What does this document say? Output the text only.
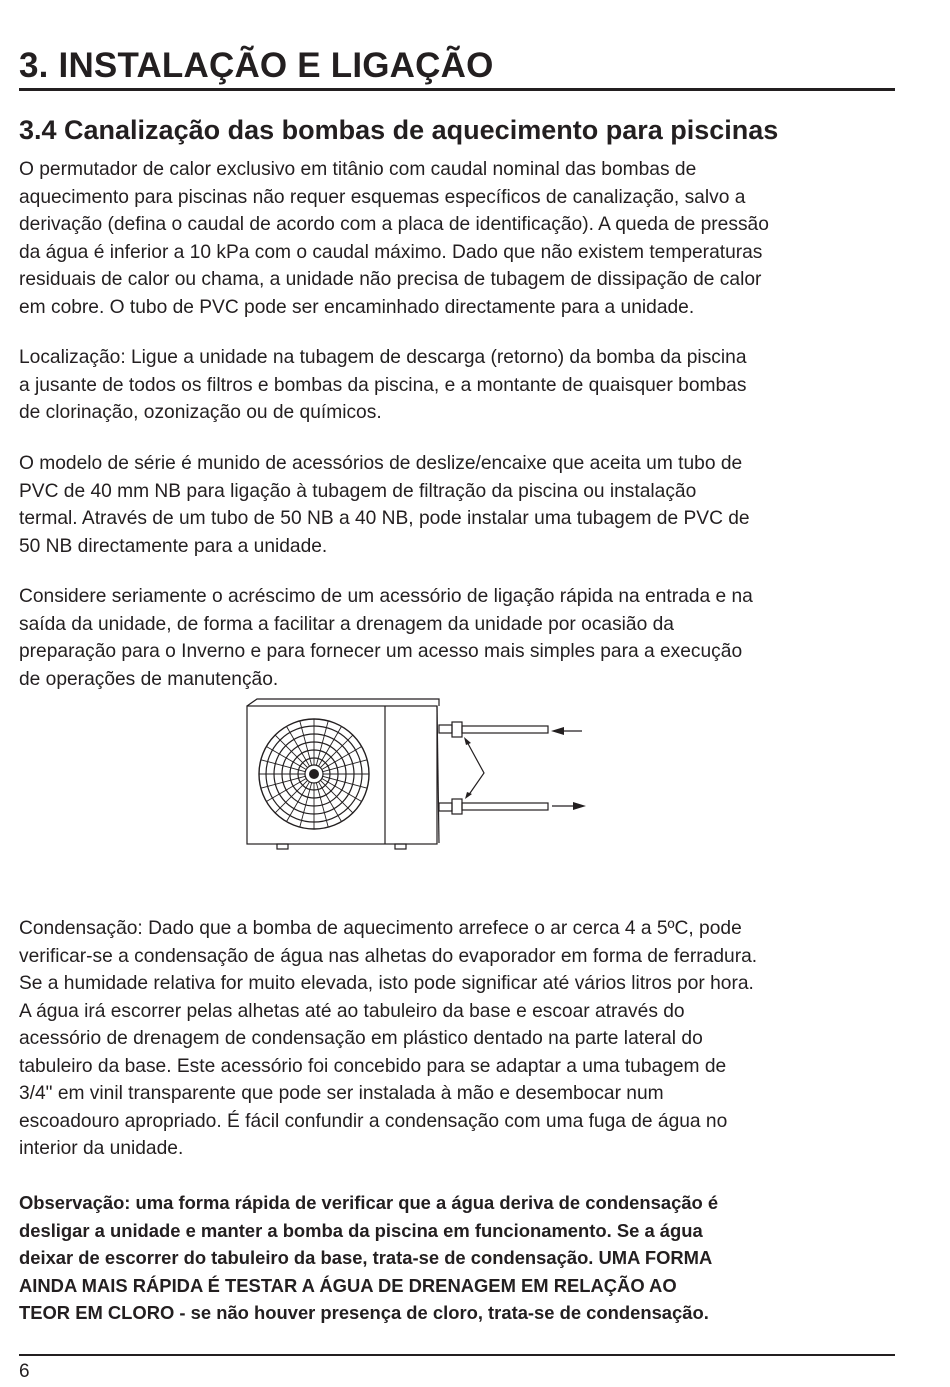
3. INSTALAÇÃO E LIGAÇÃO
3.4 Canalização das bombas de aquecimento para piscinas

O permutador de calor exclusivo em titânio com caudal nominal das bombas de
aquecimento para piscinas não requer esquemas específicos de canalização, salvo a
derivação (defina o caudal de acordo com a placa de identificação). A queda de pressão
da água é inferior a 10 kPa com o caudal máximo. Dado que não existem temperaturas
residuais de calor ou chama, a unidade não precisa de tubagem de dissipação de calor
em cobre. O tubo de PVC pode ser encaminhado directamente para a unidade.

Localização: Ligue a unidade na tubagem de descarga (retorno) da bomba da piscina
a jusante de todos os filtros e bombas da piscina, e a montante de quaisquer bombas
de clorinação, ozonização ou de químicos.

O modelo de série é munido de acessórios de deslize/encaixe que aceita um tubo de
PVC de 40 mm NB para ligação à tubagem de filtração da piscina ou instalação
termal. Através de um tubo de 50 NB a 40 NB, pode instalar uma tubagem de PVC de
50 NB directamente para a unidade.

Considere seriamente o acréscimo de um acessório de ligação rápida na entrada e na
saída da unidade, de forma a facilitar a drenagem da unidade por ocasião da
preparação para o Inverno e para fornecer um acesso mais simples para a execução
de operações de manutenção.

Condensação: Dado que a bomba de aquecimento arrefece o ar cerca 4 a 5ºC, pode
verificar-se a condensação de água nas alhetas do evaporador em forma de ferradura.
Se a humidade relativa for muito elevada, isto pode significar até vários litros por hora.
A água irá escorrer pelas alhetas até ao tabuleiro da base e escoar através do
acessório de drenagem de condensação em plástico dentado na parte lateral do
tabuleiro da base. Este acessório foi concebido para se adaptar a uma tubagem de
3/4" em vinil transparente que pode ser instalada à mão e desembocar num
escoadouro apropriado. É fácil confundir a condensação com uma fuga de água no
interior da unidade.

Observação: uma forma rápida de verificar que a água deriva de condensação é
desligar a unidade e manter a bomba da piscina em funcionamento. Se a água
deixar de escorrer do tabuleiro da base, trata-se de condensação. UMA FORMA
AINDA MAIS RÁPIDA É TESTAR A ÁGUA DE DRENAGEM EM RELAÇÃO AO
TEOR EM CLORO - se não houver presença de cloro, trata-se de condensação.

6
